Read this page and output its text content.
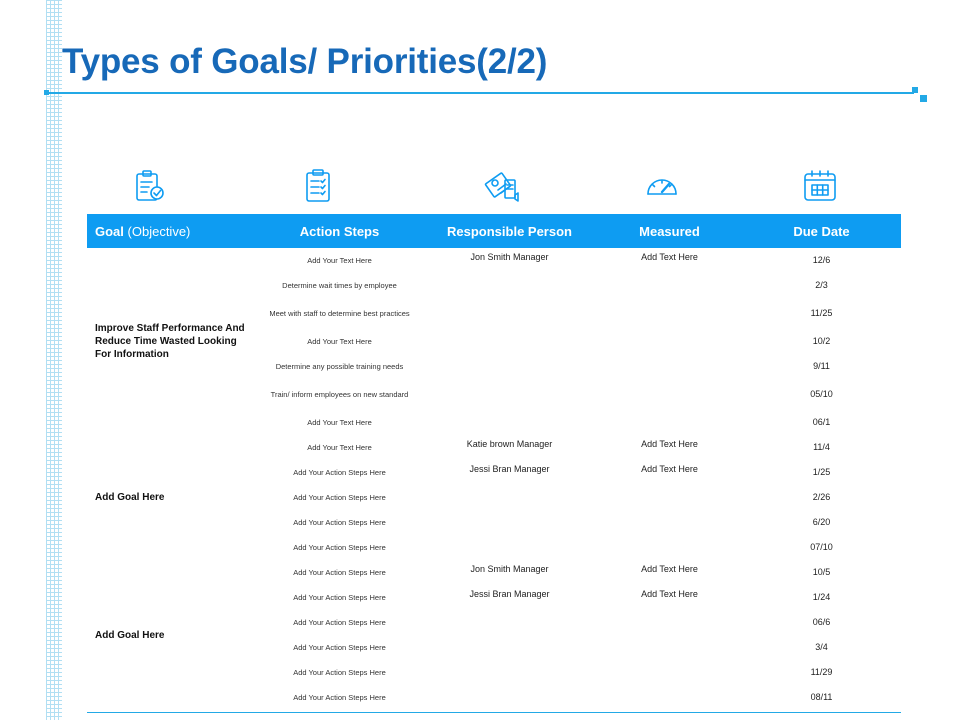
Types of Goals/ Priorities(2/2)
Goal (Objective)	Action Steps	Responsible Person	Measured	Due Date
Improve Staff Performance And Reduce Time Wasted Looking For Information	Add Your Text Here	Jon Smith Manager	Add Text Here	12/6
	Determine wait times by employee			2/3
	Meet with staff to determine best practices			11/25
	Add Your Text Here			10/2
	Determine any possible training needs			9/11
	Train/ inform employees on new standard			05/10
	Add Your Text Here			06/1
Add Goal Here	Add Your Text Here	Katie brown Manager	Add Text Here	11/4
	Add Your Action Steps Here	Jessi Bran Manager	Add Text Here	1/25
	Add Your Action Steps Here			2/26
	Add Your Action Steps Here			6/20
	Add Your Action Steps Here			07/10
Add Goal Here	Add Your Action Steps Here	Jon Smith Manager	Add Text Here	10/5
	Add Your Action Steps Here	Jessi Bran Manager	Add Text Here	1/24
	Add Your Action Steps Here			06/6
	Add Your Action Steps Here			3/4
	Add Your Action Steps Here			11/29
	Add Your Action Steps Here			08/11
